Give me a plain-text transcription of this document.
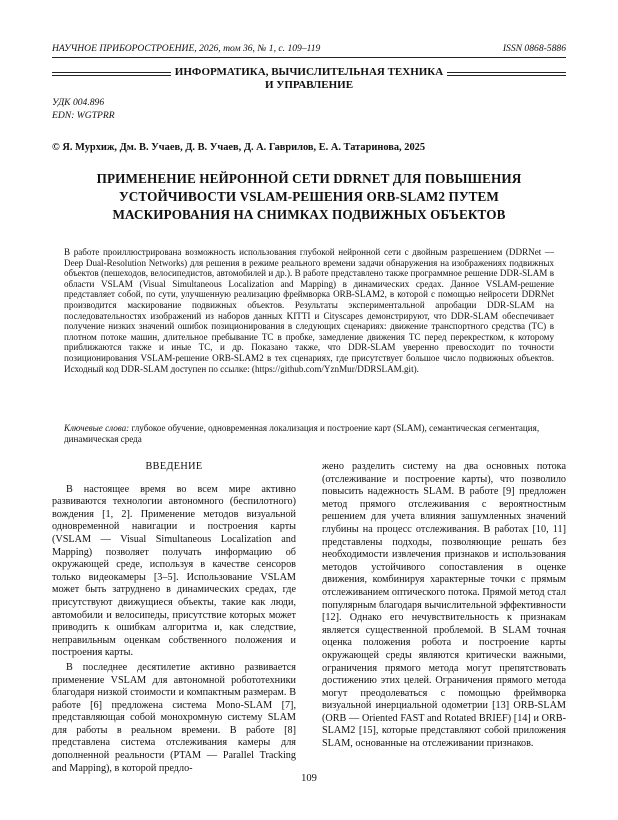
НАУЧНОЕ ПРИБОРОСТРОЕНИЕ, 2026, том 36, № 1, с. 109–119	ISSN 0868-5886
ИНФОРМАТИКА, ВЫЧИСЛИТЕЛЬНАЯ ТЕХНИКА
И УПРАВЛЕНИЕ
УДК 004.896
EDN: WGTPRR
© Я. Мурхиж, Дм. В. Учаев, Д. В. Учаев, Д. А. Гаврилов, Е. А. Татаринова, 2025
ПРИМЕНЕНИЕ НЕЙРОННОЙ СЕТИ DDRNET ДЛЯ ПОВЫШЕНИЯ
УСТОЙЧИВОСТИ VSLAM-РЕШЕНИЯ ORB-SLAM2 ПУТЕМ
МАСКИРОВАНИЯ НА СНИМКАХ ПОДВИЖНЫХ ОБЪЕКТОВ

В работе проиллюстрирована возможность использования глубокой нейронной сети с двойным разрешением (DDRNet — Deep Dual-Resolution Networks) для решения в режиме реального времени задачи обнаружения на изображениях подвижных объектов (пешеходов, велосипедистов, автомобилей и др.). В работе представлено также программное решение DDR-SLAM в области VSLAM (Visual Simultaneous Localization and Mapping) в динамических средах. Данное VSLAM-решение представляет собой, по сути, улучшенную реализацию фреймворка ORB-SLAM2, в которой с помощью нейросети DDRNet производится маскирование подвижных объектов. Результаты экспериментальной апробации DDR-SLAM на последовательностях изображений из наборов данных KITTI и Cityscapes демонстрируют, что DDR-SLAM обеспечивает получение низких значений ошибок позиционирования в следующих сценариях: движение транспортного средства (ТС) в плотном потоке машин, длительное пребывание ТС в пробке, замедление движения ТС перед перекрестком, к которому приближаются также и иные ТС, и др. Показано также, что DDR-SLAM уверенно превосходит по точности позиционирования VSLAM-решение ORB-SLAM2 в тех сценариях, где присутствует большое число подвижных объектов. Исходный код DDR-SLAM доступен по ссылке: (https://github.com/YznMur/DDRSLAM.git).

Ключевые слова: глубокое обучение, одновременная локализация и построение карт (SLAM), семантическая сегментация, динамическая среда

ВВЕДЕНИЕ

В настоящее время во всем мире активно развиваются технологии автономного (беспилотного) вождения [1, 2]. Применение методов визуальной одновременной навигации и построения карты (VSLAM — Visual Simultaneous Localization and Mapping) позволяет получать информацию об окружающей среде, используя в качестве сенсоров только видеокамеры [3–5]. Использование VSLAM может быть затруднено в динамических средах, где присутствуют движущиеся объекты, такие как люди, автомобили и велосипеды, присутствие которых может приводить к ошибкам алгоритма и, как следствие, неправильным оценкам собственного положения и построения карты.

В последнее десятилетие активно развивается применение VSLAM для автономной робототехники благодаря низкой стоимости и компактным размерам. В работе [6] предложена система Mono-SLAM [7], представляющая собой монохромную систему SLAM для работы в реальном времени. В работе [8] представлена система отслеживания камеры для дополненной реальности (PTAM — Parallel Tracking and Mapping), в которой предло-

жено разделить систему на два основных потока (отслеживание и построение карты), что позволило повысить надежность SLAM. В работе [9] предложен метод прямого отслеживания с вероятностным решением для учета влияния зашумленных значений глубины на процесс отслеживания. В работах [10, 11] представлены подходы, позволяющие решать без необходимости извлечения признаков и использования методов устойчивого сопоставления в оценке движения, комбинируя характерные точки с прямым отслеживанием оптического потока. Прямой метод стал популярным благодаря вычислительной эффективности [12]. Однако его нечувствительность к признакам является существенной проблемой. В SLAM точная оценка положения робота и построение карты окружающей среды являются критически важными, ограничения прямого метода могут препятствовать достижению этих целей. Ограничения прямого метода могут преодолеваться с помощью фреймворка визуальной инерциальной одометрии [13] ORB-SLAM (ORB — Oriented FAST and Rotated BRIEF) [14] и ORB-SLAM2 [15], которые представляют собой приложения SLAM, основанные на отслеживании признаков.

109
